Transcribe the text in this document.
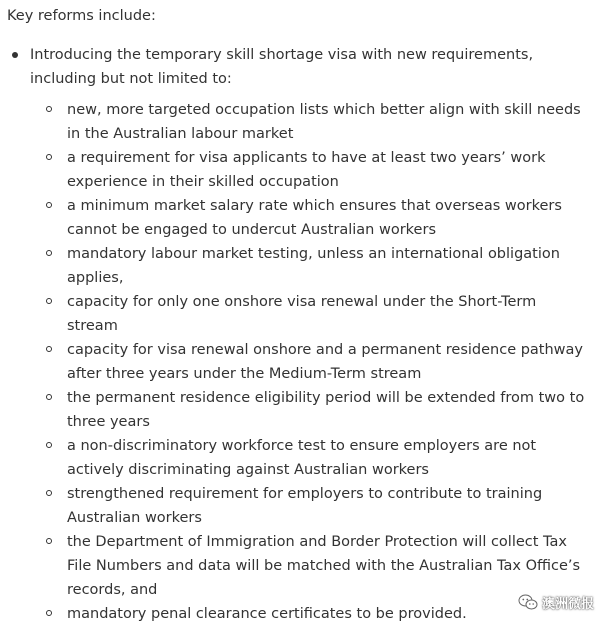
Key reforms include:

Introducing the temporary skill shortage visa with new requirements, including but not limited to:
new, more targeted occupation lists which better align with skill needs in the Australian labour market
a requirement for visa applicants to have at least two years’ work experience in their skilled occupation
a minimum market salary rate which ensures that overseas workers cannot be engaged to undercut Australian workers
mandatory labour market testing, unless an international obligation applies,
capacity for only one onshore visa renewal under the Short-Term stream
capacity for visa renewal onshore and a permanent residence pathway after three years under the Medium-Term stream
the permanent residence eligibility period will be extended from two to three years
a non-discriminatory workforce test to ensure employers are not actively discriminating against Australian workers
strengthened requirement for employers to contribute to training Australian workers
the Department of Immigration and Border Protection will collect Tax File Numbers and data will be matched with the Australian Tax Office’s records, and
mandatory penal clearance certificates to be provided.
澳洲微报
